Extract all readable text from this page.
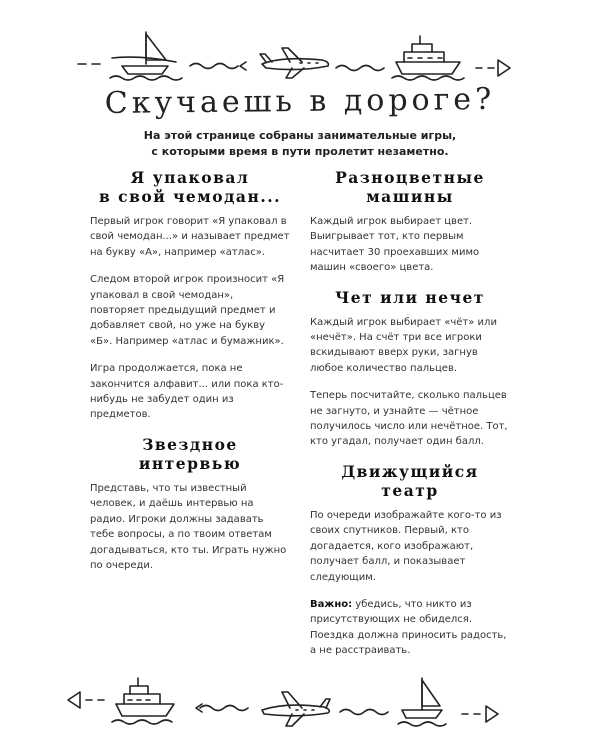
Скучаешь в дороге?
На этой странице собраны занимательные игры,
с которыми время в пути пролетит незаметно.
Я упаковал
в свой чемодан...

Первый игрок говорит «Я упаковал в свой чемодан...» и называет предмет на букву «А», например «атлас».

Следом второй игрок произносит «Я упаковал в свой чемодан», повторяет предыдущий предмет и добавляет свой, но уже на букву «Б». Например «атлас и бумажник».

Игра продолжается, пока не закончится алфавит... или пока кто-нибудь не забудет один из предметов.

Звездное
интервью

Представь, что ты известный человек, и даёшь интервью на радио. Игроки должны задавать тебе вопросы, а по твоим ответам догадываться, кто ты. Играть нужно по очереди.

Разноцветные
машины

Каждый игрок выбирает цвет. Выигрывает тот, кто первым насчитает 30 проехавших мимо машин «своего» цвета.

Чет или нечет

Каждый игрок выбирает «чёт» или «нечёт». На счёт три все игроки вскидывают вверх руки, загнув любое количество пальцев.

Теперь посчитайте, сколько пальцев не загнуто, и узнайте — чётное получилось число или нечётное. Тот, кто угадал, получает один балл.

Движущийся
театр

По очереди изображайте кого-то из своих спутников. Первый, кто догадается, кого изображают, получает балл, и показывает следующим.

Важно: убедись, что никто из присутствующих не обиделся. Поездка должна приносить радость, а не расстраивать.
